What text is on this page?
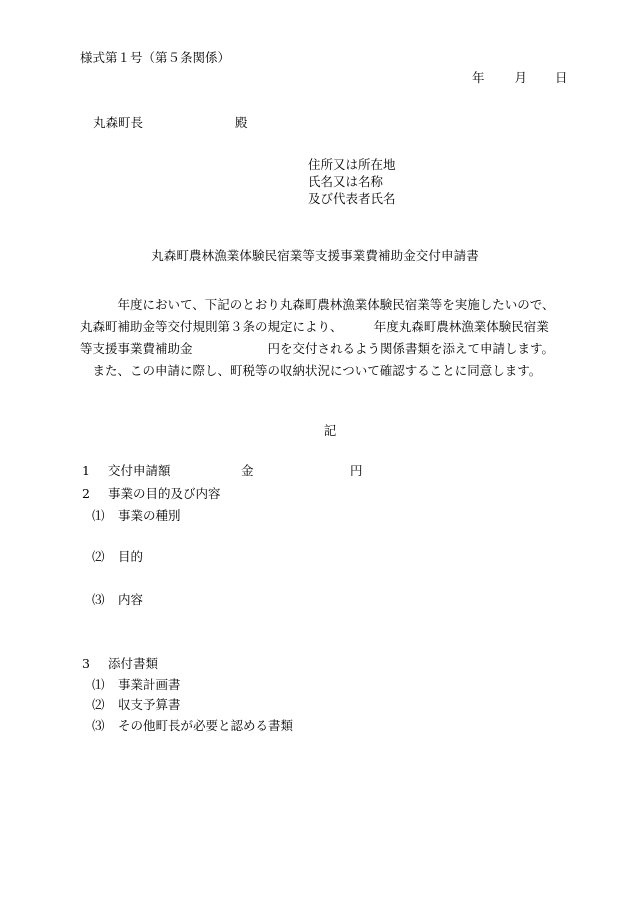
様式第１号（第５条関係）
年 月 日
丸森町長	殿
住所又は所在地
氏名又は名称
及び代表者氏名
丸森町農林漁業体験民宿業等支援事業費補助金交付申請書

　　　年度において、下記のとおり丸森町農林漁業体験民宿業等を実施したいので、

丸森町補助金等交付規則第３条の規定により、　　　年度丸森町農林漁業体験民宿業

等支援事業費補助金　　　　　　円を交付されるよう関係書類を添えて申請します。

　また、この申請に際し、町税等の収納状況について確認することに同意します。

記
1 交付申請額	金	円
2 事業の目的及び内容
⑴ 事業の種別
⑵ 目的
⑶ 内容
3 添付書類
⑴ 事業計画書
⑵ 収支予算書
⑶ その他町長が必要と認める書類
